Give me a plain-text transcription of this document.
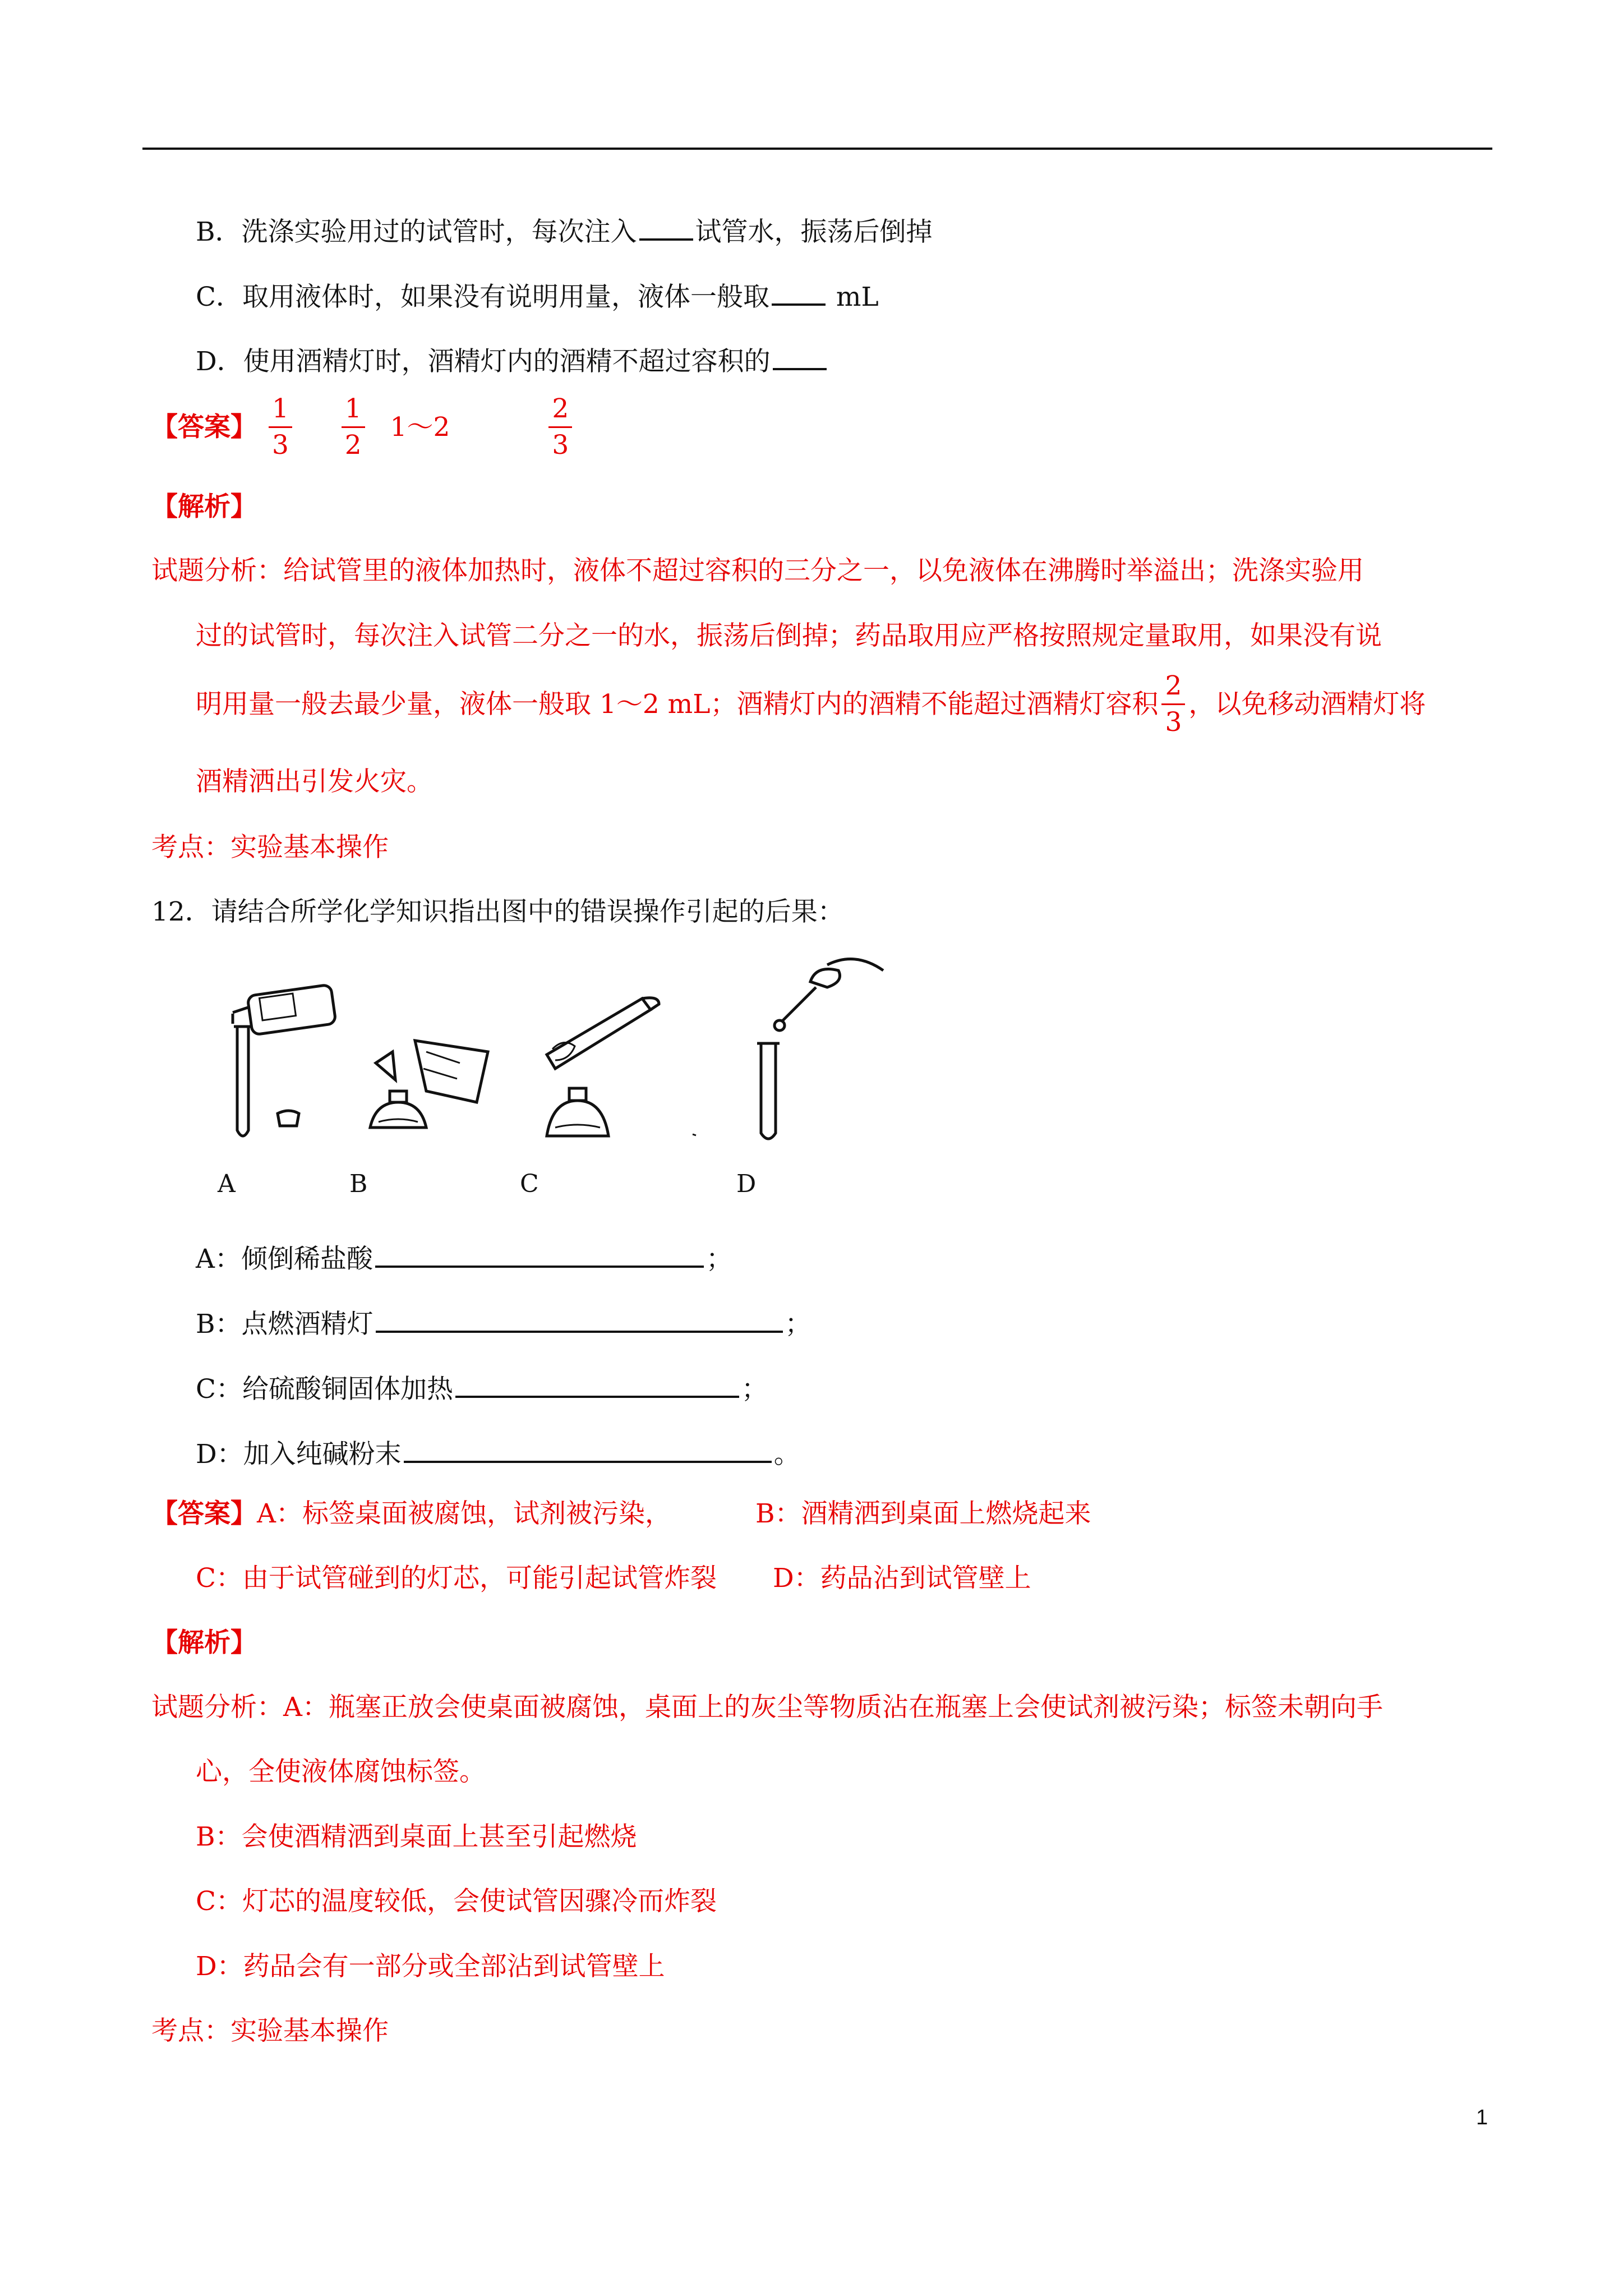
B．洗涤实验用过的试管时，每次注入 试管水，振荡后倒掉
C．取用液体时，如果没有说明用量，液体一般取	mL
D．使用酒精灯时，酒精灯内的酒精不超过容积的
【答案】 $\frac{1}{3}$
$\frac{1}{2}$ 1～2	$\frac{2}{3}$
【解析】
试题分析：给试管里的液体加热时，液体不超过容积的三分之一，以免液体在沸腾时举溢出；洗涤实验用
过的试管时，每次注入试管二分之一的水，振荡后倒掉；药品取用应严格按照规定量取用，如果没有说
明用量一般去最少量，液体一般取 1～2 mL；酒精灯内的酒精不能超过酒精灯容积 $\frac{2}{3}$ ，以免移动酒精灯将
酒精洒出引发火灾。
考点：实验基本操作
12．请结合所学化学知识指出图中的错误操作引起的后果：
A	B	C	D
A：倾倒稀盐酸	；
B：点燃酒精灯	；
C：给硫酸铜固体加热	；
D：加入纯碱粉末	。
【答案】A：标签桌面被腐蚀，试剂被污染，	B：酒精洒到桌面上燃烧起来
C：由于试管碰到的灯芯，可能引起试管炸裂 D：药品沾到试管壁上
【解析】
试题分析：A：瓶塞正放会使桌面被腐蚀，桌面上的灰尘等物质沾在瓶塞上会使试剂被污染；标签未朝向手
心，全使液体腐蚀标签。
B：会使酒精洒到桌面上甚至引起燃烧
C：灯芯的温度较低，会使试管因骤冷而炸裂
D：药品会有一部分或全部沾到试管壁上
考点：实验基本操作
1
